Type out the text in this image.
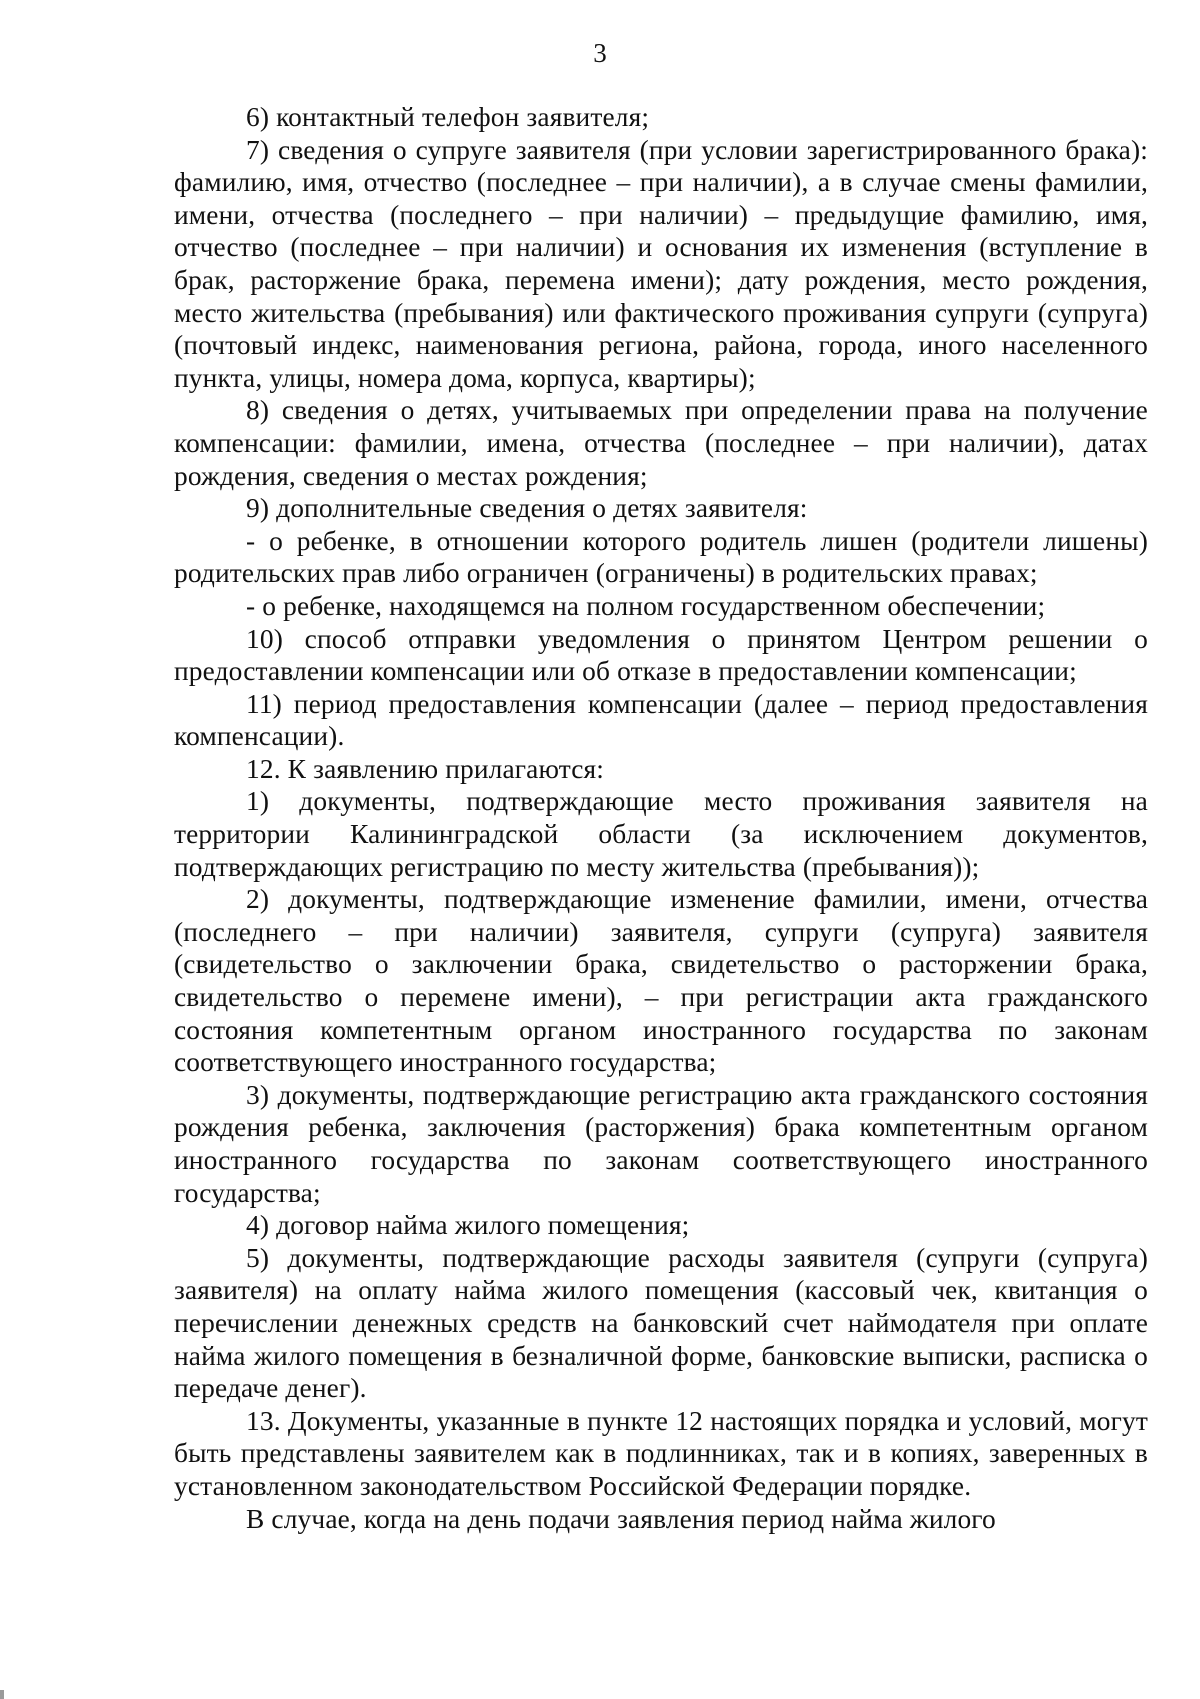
3

6) контактный телефон заявителя;

7) сведения о супруге заявителя (при условии зарегистрированного брака): фамилию, имя, отчество (последнее – при наличии), а в случае смены фамилии, имени, отчества (последнего – при наличии) – предыдущие фамилию, имя, отчество (последнее – при наличии) и основания их изменения (вступление в брак, расторжение брака, перемена имени); дату рождения, место рождения, место жительства (пребывания) или фактического проживания супруги (супруга) (почтовый индекс, наименования региона, района, города, иного населенного пункта, улицы, номера дома, корпуса, квартиры);

8) сведения о детях, учитываемых при определении права на получение компенсации: фамилии, имена, отчества (последнее – при наличии), датах рождения, сведения о местах рождения;

9) дополнительные сведения о детях заявителя:

- о ребенке, в отношении которого родитель лишен (родители лишены) родительских прав либо ограничен (ограничены) в родительских правах;

- о ребенке, находящемся на полном государственном обеспечении;

10) способ отправки уведомления о принятом Центром решении о предоставлении компенсации или об отказе в предоставлении компенсации;

11) период предоставления компенсации (далее – период предоставления компенсации).

12. К заявлению прилагаются:

1) документы, подтверждающие место проживания заявителя на территории Калининградской области (за исключением документов, подтверждающих регистрацию по месту жительства (пребывания));

2) документы, подтверждающие изменение фамилии, имени, отчества (последнего – при наличии) заявителя, супруги (супруга) заявителя (свидетельство о заключении брака, свидетельство о расторжении брака, свидетельство о перемене имени), – при регистрации акта гражданского состояния компетентным органом иностранного государства по законам соответствующего иностранного государства;

3) документы, подтверждающие регистрацию акта гражданского состояния рождения ребенка, заключения (расторжения) брака компетентным органом иностранного государства по законам соответствующего иностранного государства;

4) договор найма жилого помещения;

5) документы, подтверждающие расходы заявителя (супруги (супруга) заявителя) на оплату найма жилого помещения (кассовый чек, квитанция о перечислении денежных средств на банковский счет наймодателя при оплате найма жилого помещения в безналичной форме, банковские выписки, расписка о передаче денег).

13. Документы, указанные в пункте 12 настоящих порядка и условий, могут быть представлены заявителем как в подлинниках, так и в копиях, заверенных в установленном законодательством Российской Федерации порядке.

В случае, когда на день подачи заявления период найма жилого
